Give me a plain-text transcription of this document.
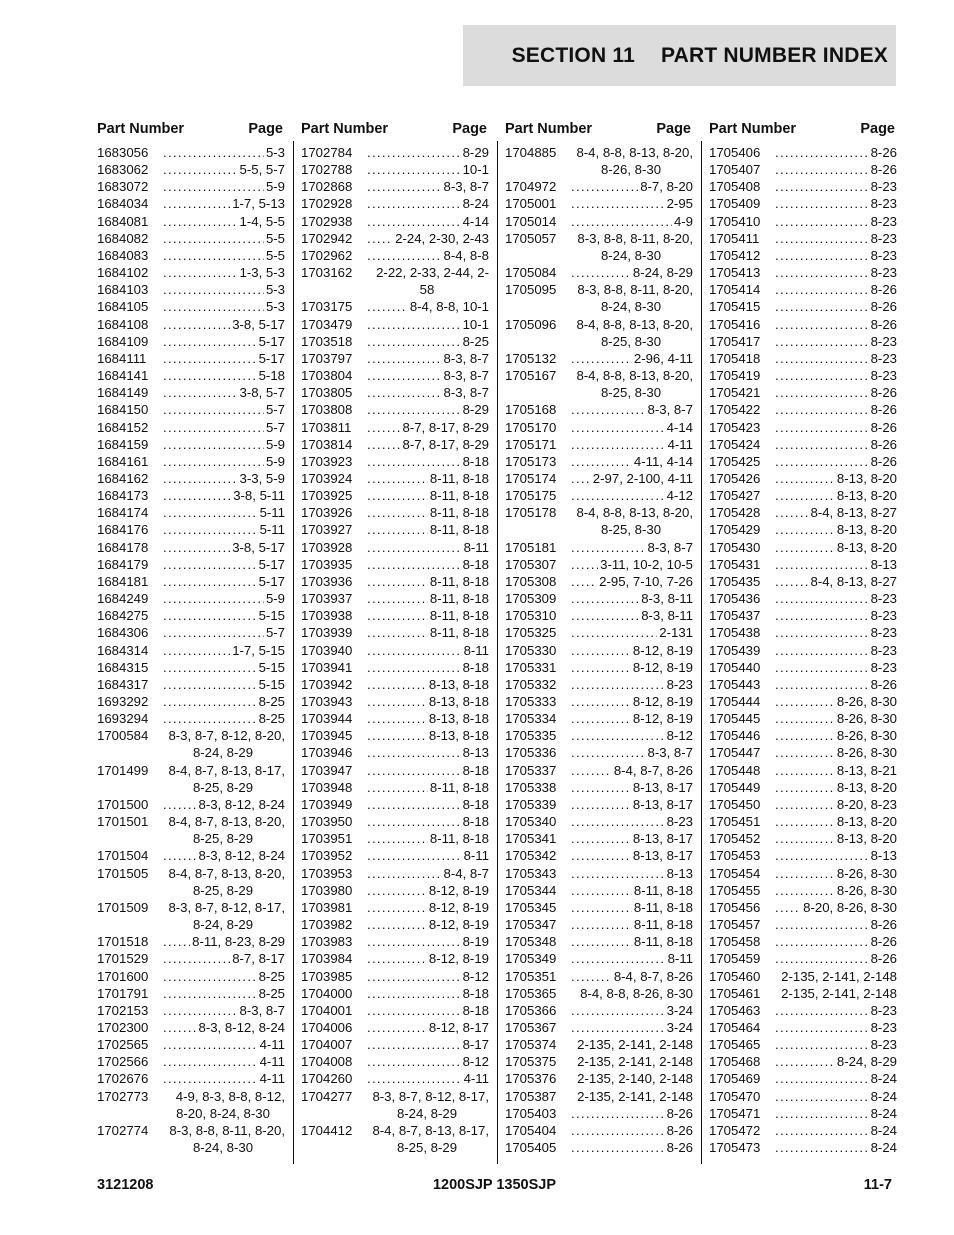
SECTION 11 PART NUMBER INDEX
Part Number	Page
1683056 .....	5-3
1683062 .....	5-5, 5-7
1683072 .....	5-9
1684034 .....	1-7, 5-13
1684081 .....	1-4, 5-5
1684082 .....	5-5
1684083 .....	5-5
1684102 .....	1-3, 5-3
1684103 .....	5-3
1684105 .....	5-3
1684108 .....	3-8, 5-17
1684109 .....	5-17
1684111 .....	5-17
1684141 .....	5-18
1684149 .....	3-8, 5-7
1684150 .....	5-7
1684152 .....	5-7
1684159 .....	5-9
1684161 .....	5-9
1684162 .....	3-3, 5-9
1684173 .....	3-8, 5-11
1684174 .....	5-11
1684176 .....	5-11
1684178 .....	3-8, 5-17
1684179 .....	5-17
1684181 .....	5-17
1684249 .....	5-9
1684275 .....	5-15
1684306 .....	5-7
1684314 .....	1-7, 5-15
1684315 .....	5-15
1684317 .....	5-15
1693292 .....	8-25
1693294 .....	8-25
1700584	8-3, 8-7, 8-12, 8-20,
8-24, 8-29
1701499	8-4, 8-7, 8-13, 8-17,
8-25, 8-29
1701500 .....	8-3, 8-12, 8-24
1701501	8-4, 8-7, 8-13, 8-20,
8-25, 8-29
1701504 .....	8-3, 8-12, 8-24
1701505	8-4, 8-7, 8-13, 8-20,
8-25, 8-29
1701509	8-3, 8-7, 8-12, 8-17,
8-24, 8-29
1701518 .....	8-11, 8-23, 8-29
1701529 .....	8-7, 8-17
1701600 .....	8-25
1701791 .....	8-25
1702153 .....	8-3, 8-7
1702300 .....	8-3, 8-12, 8-24
1702565 .....	4-11
1702566 .....	4-11
1702676 .....	4-11
1702773	4-9, 8-3, 8-8, 8-12,
8-20, 8-24, 8-30
1702774	8-3, 8-8, 8-11, 8-20,
8-24, 8-30
Part Number	Page
1702784 .....	8-29
1702788 .....	10-1
1702868 .....	8-3, 8-7
1702928 .....	8-24
1702938 .....	4-14
1702942 .....	2-24, 2-30, 2-43
1702962 .....	8-4, 8-8
1703162	2-22, 2-33, 2-44, 2-
58
1703175 .....	8-4, 8-8, 10-1
1703479 .....	10-1
1703518 .....	8-25
1703797 .....	8-3, 8-7
1703804 .....	8-3, 8-7
1703805 .....	8-3, 8-7
1703808 .....	8-29
1703811 .....	8-7, 8-17, 8-29
1703814 .....	8-7, 8-17, 8-29
1703923 .....	8-18
1703924 .....	8-11, 8-18
1703925 .....	8-11, 8-18
1703926 .....	8-11, 8-18
1703927 .....	8-11, 8-18
1703928 .....	8-11
1703935 .....	8-18
1703936 .....	8-11, 8-18
1703937 .....	8-11, 8-18
1703938 .....	8-11, 8-18
1703939 .....	8-11, 8-18
1703940 .....	8-11
1703941 .....	8-18
1703942 .....	8-13, 8-18
1703943 .....	8-13, 8-18
1703944 .....	8-13, 8-18
1703945 .....	8-13, 8-18
1703946 .....	8-13
1703947 .....	8-18
1703948 .....	8-11, 8-18
1703949 .....	8-18
1703950 .....	8-18
1703951 .....	8-11, 8-18
1703952 .....	8-11
1703953 .....	8-4, 8-7
1703980 .....	8-12, 8-19
1703981 .....	8-12, 8-19
1703982 .....	8-12, 8-19
1703983 .....	8-19
1703984 .....	8-12, 8-19
1703985 .....	8-12
1704000 .....	8-18
1704001 .....	8-18
1704006 .....	8-12, 8-17
1704007 .....	8-17
1704008 .....	8-12
1704260 .....	4-11
1704277	8-3, 8-7, 8-12, 8-17,
8-24, 8-29
1704412	8-4, 8-7, 8-13, 8-17,
8-25, 8-29
Part Number	Page
1704885	8-4, 8-8, 8-13, 8-20,
8-26, 8-30
1704972 .....	8-7, 8-20
1705001 .....	2-95
1705014 .....	4-9
1705057	8-3, 8-8, 8-11, 8-20,
8-24, 8-30
1705084 .....	8-24, 8-29
1705095	8-3, 8-8, 8-11, 8-20,
8-24, 8-30
1705096	8-4, 8-8, 8-13, 8-20,
8-25, 8-30
1705132 .....	2-96, 4-11
1705167	8-4, 8-8, 8-13, 8-20,
8-25, 8-30
1705168 .....	8-3, 8-7
1705170 .....	4-14
1705171 .....	4-11
1705173 .....	4-11, 4-14
1705174 .....	2-97, 2-100, 4-11
1705175 .....	4-12
1705178	8-4, 8-8, 8-13, 8-20,
8-25, 8-30
1705181 .....	8-3, 8-7
1705307 .....	3-11, 10-2, 10-5
1705308 .....	2-95, 7-10, 7-26
1705309 .....	8-3, 8-11
1705310 .....	8-3, 8-11
1705325 .....	2-131
1705330 .....	8-12, 8-19
1705331 .....	8-12, 8-19
1705332 .....	8-23
1705333 .....	8-12, 8-19
1705334 .....	8-12, 8-19
1705335 .....	8-12
1705336 .....	8-3, 8-7
1705337 .....	8-4, 8-7, 8-26
1705338 .....	8-13, 8-17
1705339 .....	8-13, 8-17
1705340 .....	8-23
1705341 .....	8-13, 8-17
1705342 .....	8-13, 8-17
1705343 .....	8-13
1705344 .....	8-11, 8-18
1705345 .....	8-11, 8-18
1705347 .....	8-11, 8-18
1705348 .....	8-11, 8-18
1705349 .....	8-11
1705351 .....	8-4, 8-7, 8-26
1705365	8-4, 8-8, 8-26, 8-30
1705366 .....	3-24
1705367 .....	3-24
1705374	2-135, 2-141, 2-148
1705375	2-135, 2-141, 2-148
1705376	2-135, 2-140, 2-148
1705387	2-135, 2-141, 2-148
1705403 .....	8-26
1705404 .....	8-26
1705405 .....	8-26
Part Number	Page
1705406 .....	8-26
1705407 .....	8-26
1705408 .....	8-23
1705409 .....	8-23
1705410 .....	8-23
1705411 .....	8-23
1705412 .....	8-23
1705413 .....	8-23
1705414 .....	8-26
1705415 .....	8-26
1705416 .....	8-26
1705417 .....	8-23
1705418 .....	8-23
1705419 .....	8-23
1705421 .....	8-26
1705422 .....	8-26
1705423 .....	8-26
1705424 .....	8-26
1705425 .....	8-26
1705426 .....	8-13, 8-20
1705427 .....	8-13, 8-20
1705428 .....	8-4, 8-13, 8-27
1705429 .....	8-13, 8-20
1705430 .....	8-13, 8-20
1705431 .....	8-13
1705435 .....	8-4, 8-13, 8-27
1705436 .....	8-23
1705437 .....	8-23
1705438 .....	8-23
1705439 .....	8-23
1705440 .....	8-23
1705443 .....	8-26
1705444 .....	8-26, 8-30
1705445 .....	8-26, 8-30
1705446 .....	8-26, 8-30
1705447 .....	8-26, 8-30
1705448 .....	8-13, 8-21
1705449 .....	8-13, 8-20
1705450 .....	8-20, 8-23
1705451 .....	8-13, 8-20
1705452 .....	8-13, 8-20
1705453 .....	8-13
1705454 .....	8-26, 8-30
1705455 .....	8-26, 8-30
1705456 .....	8-20, 8-26, 8-30
1705457 .....	8-26
1705458 .....	8-26
1705459 .....	8-26
1705460	2-135, 2-141, 2-148
1705461	2-135, 2-141, 2-148
1705463 .....	8-23
1705464 .....	8-23
1705465 .....	8-23
1705468 .....	8-24, 8-29
1705469 .....	8-24
1705470 .....	8-24
1705471 .....	8-24
1705472 .....	8-24
1705473 .....	8-24
3121208	1200SJP 1350SJP	11-7
